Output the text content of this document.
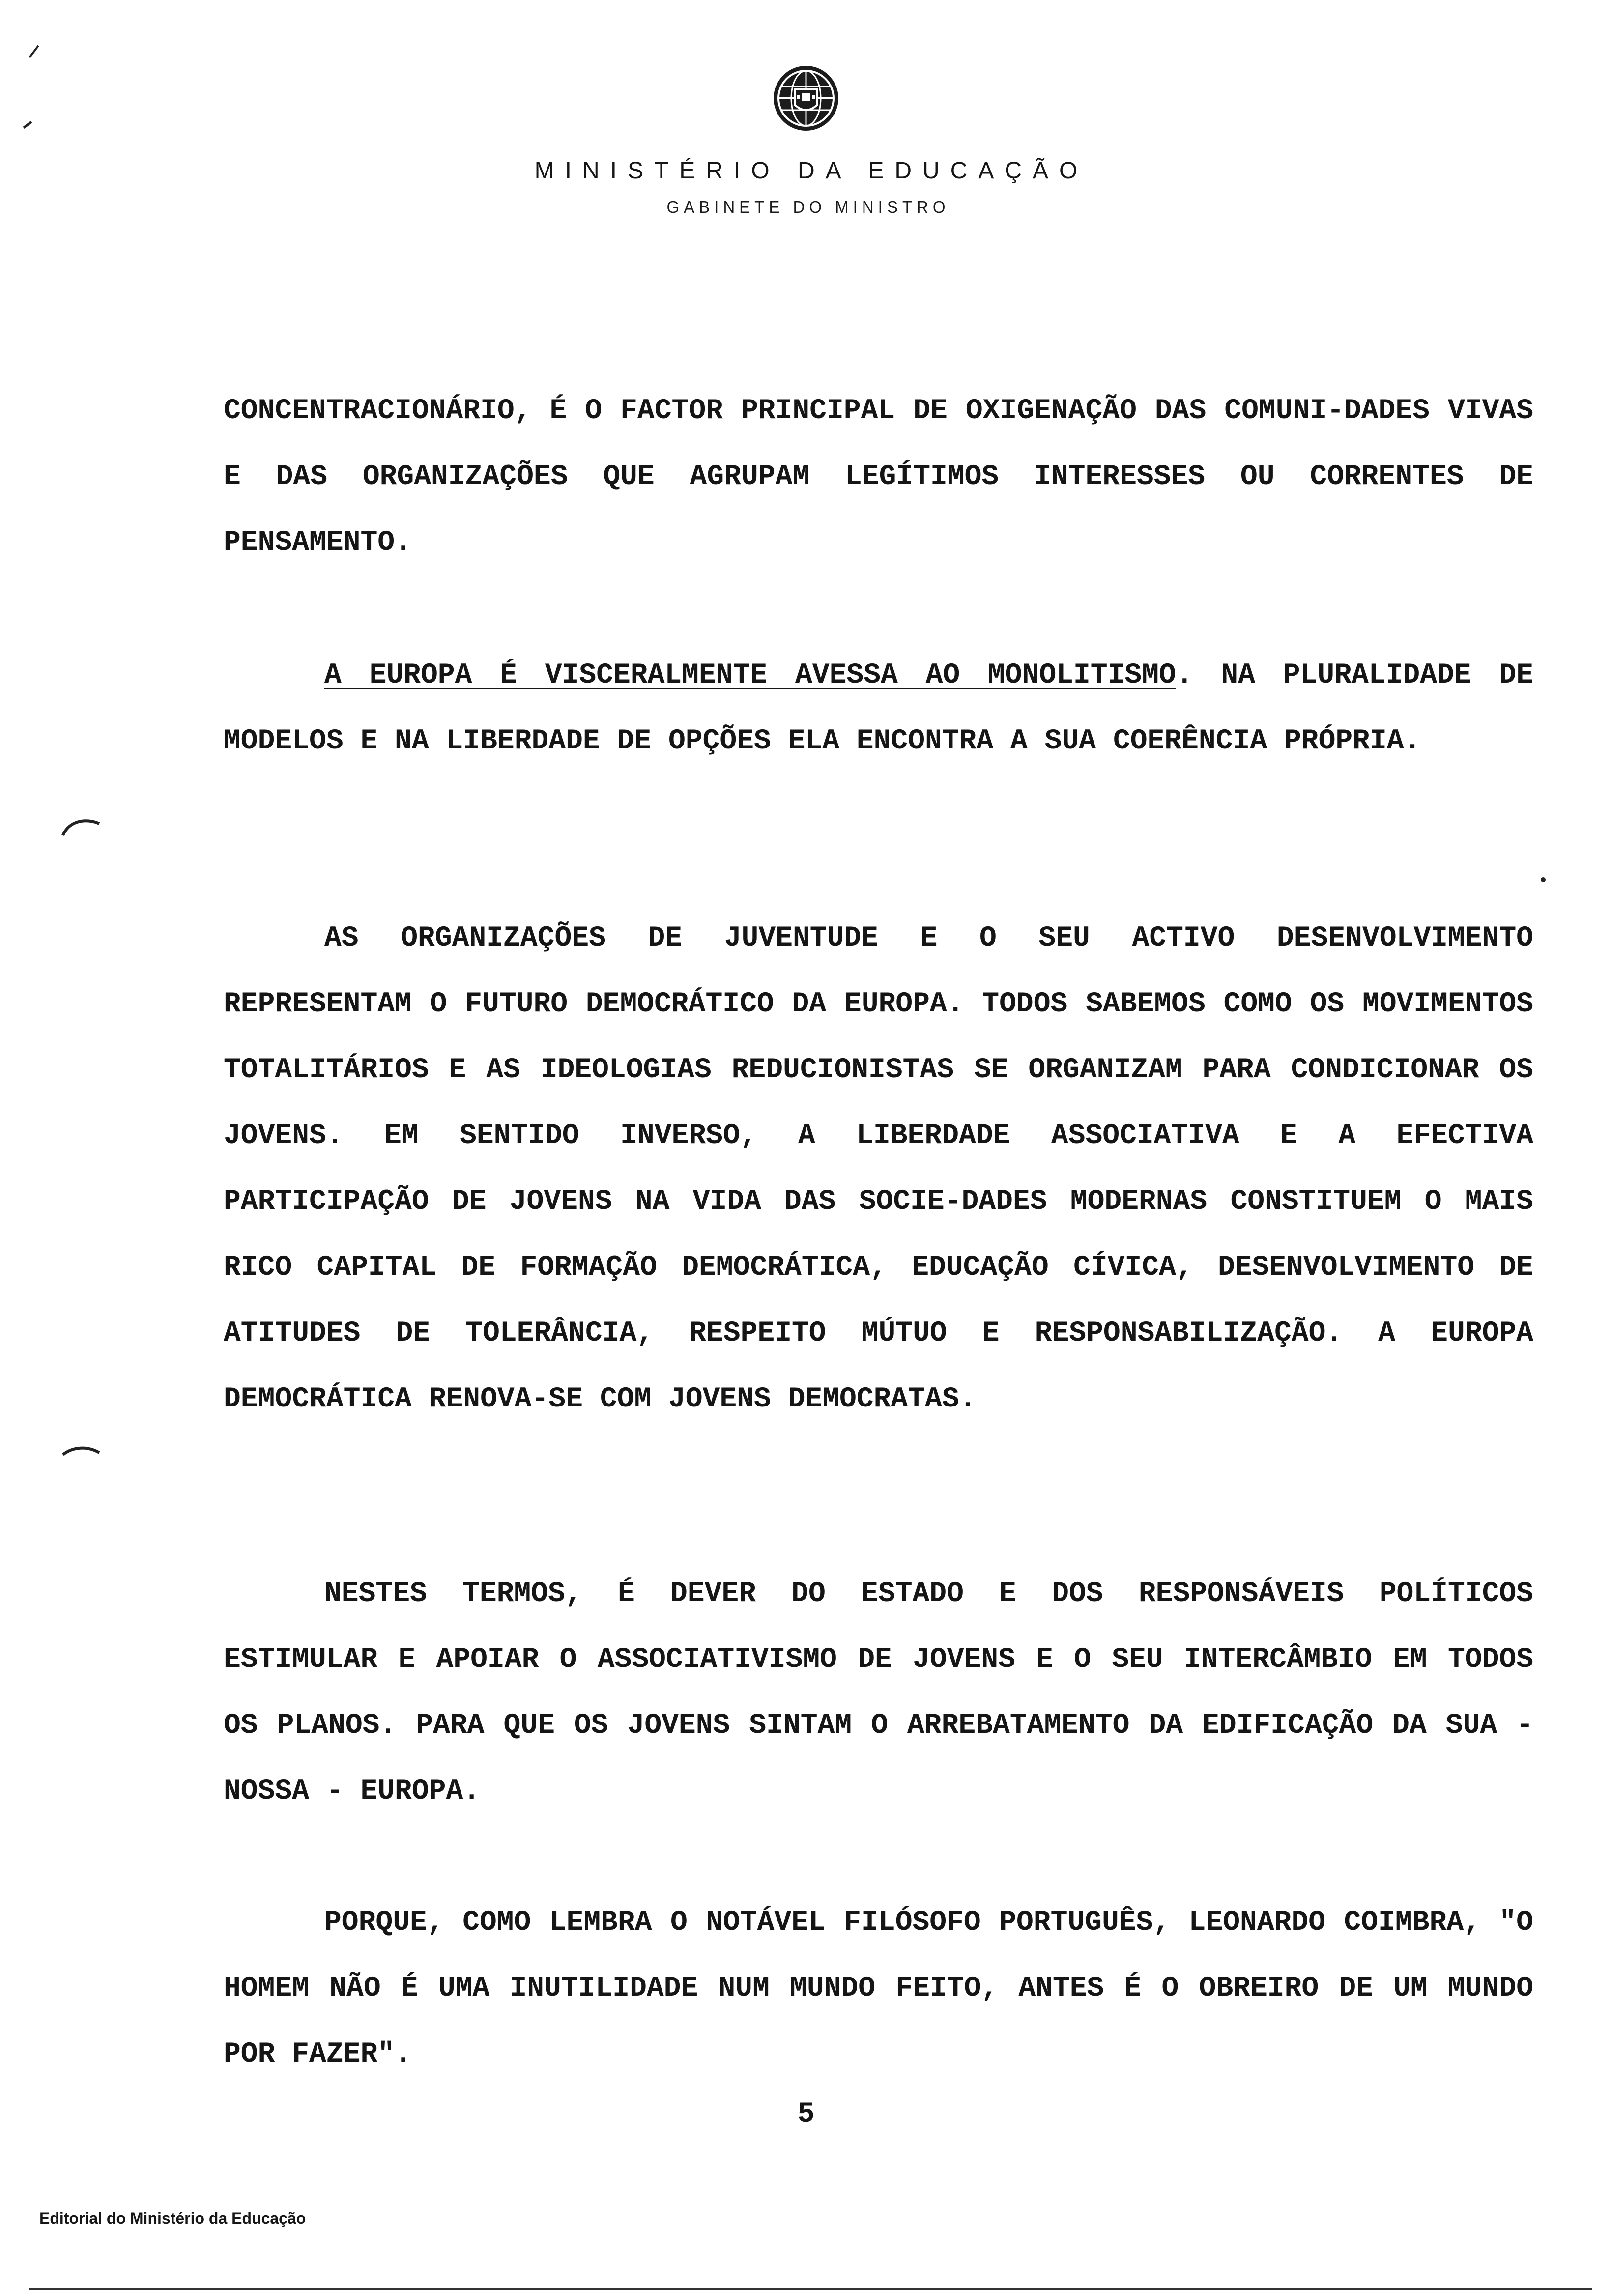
MINISTÉRIO DA EDUCAÇÃO
GABINETE DO MINISTRO

CONCENTRACIONÁRIO, É O FACTOR PRINCIPAL DE OXIGENAÇÃO DAS COMUNI-DADES VIVAS E DAS ORGANIZAÇÕES QUE AGRUPAM LEGÍTIMOS INTERESSES OU CORRENTES DE PENSAMENTO.

A EUROPA É VISCERALMENTE AVESSA AO MONOLITISMO. NA PLURALIDADE DE MODELOS E NA LIBERDADE DE OPÇÕES ELA ENCONTRA A SUA COERÊNCIA PRÓPRIA.

AS ORGANIZAÇÕES DE JUVENTUDE E O SEU ACTIVO DESENVOLVIMENTO REPRESENTAM O FUTURO DEMOCRÁTICO DA EUROPA. TODOS SABEMOS COMO OS MOVIMENTOS TOTALITÁRIOS E AS IDEOLOGIAS REDUCIONISTAS SE ORGANIZAM PARA CONDICIONAR OS JOVENS. EM SENTIDO INVERSO, A LIBERDADE ASSOCIATIVA E A EFECTIVA PARTICIPAÇÃO DE JOVENS NA VIDA DAS SOCIE-DADES MODERNAS CONSTITUEM O MAIS RICO CAPITAL DE FORMAÇÃO DEMOCRÁTICA, EDUCAÇÃO CÍVICA, DESENVOLVIMENTO DE ATITUDES DE TOLERÂNCIA, RESPEITO MÚTUO E RESPONSABILIZAÇÃO. A EUROPA DEMOCRÁTICA RENOVA-SE COM JOVENS DEMOCRATAS.

NESTES TERMOS, É DEVER DO ESTADO E DOS RESPONSÁVEIS POLÍTICOS ESTIMULAR E APOIAR O ASSOCIATIVISMO DE JOVENS E O SEU INTERCÂMBIO EM TODOS OS PLANOS. PARA QUE OS JOVENS SINTAM O ARREBATAMENTO DA EDIFICAÇÃO DA SUA - NOSSA - EUROPA.

PORQUE, COMO LEMBRA O NOTÁVEL FILÓSOFO PORTUGUÊS, LEONARDO COIMBRA, "O HOMEM NÃO É UMA INUTILIDADE NUM MUNDO FEITO, ANTES É O OBREIRO DE UM MUNDO POR FAZER".

5
Editorial do Ministério da Educação
